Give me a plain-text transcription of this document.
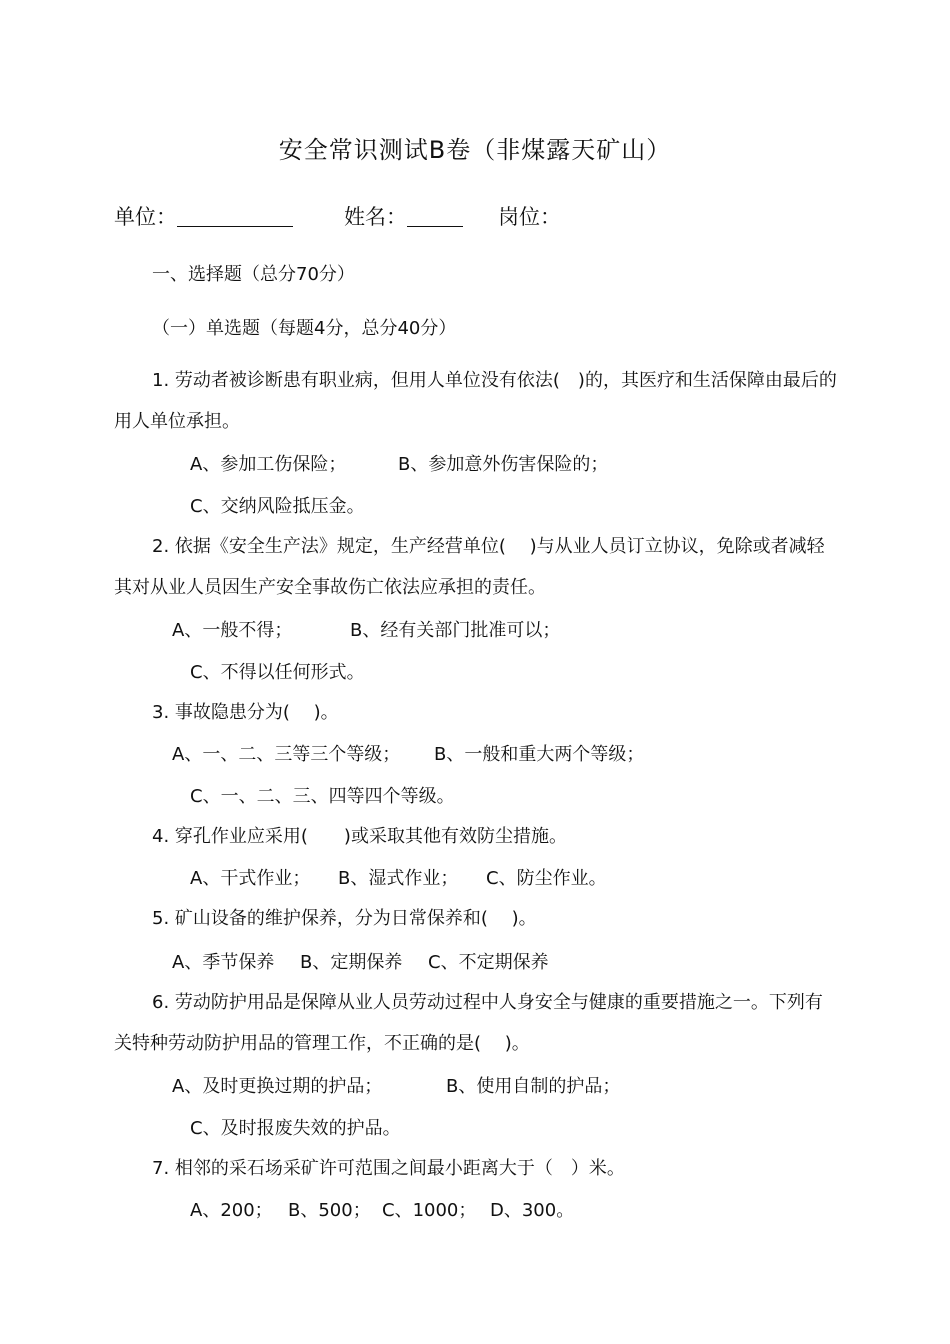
安全常识测试B卷（非煤露天矿山）
单位：	姓名：	岗位：
一、选择题（总分70分）
（一）单选题（每题4分，总分40分）
1. 劳动者被诊断患有职业病，但用人单位没有依法(　)的，其医疗和生活保障由最后的用人单位承担。
A、参加工伤保险；	B、参加意外伤害保险的；
C、交纳风险抵压金。
2. 依据《安全生产法》规定，生产经营单位(　 )与从业人员订立协议，免除或者减轻其对从业人员因生产安全事故伤亡依法应承担的责任。
A、一般不得；	B、经有关部门批准可以；
C、不得以任何形式。
3. 事故隐患分为(　 )。
A、一、二、三等三个等级； B、一般和重大两个等级；
C、一、二、三、四等四个等级。
4. 穿孔作业应采用(　　)或采取其他有效防尘措施。
A、干式作业； B、湿式作业； C、防尘作业。
5. 矿山设备的维护保养，分为日常保养和(　 )。
A、季节保养 B、定期保养 C、不定期保养
6. 劳动防护用品是保障从业人员劳动过程中人身安全与健康的重要措施之一。下列有关特种劳动防护用品的管理工作，不正确的是(　 )。
A、及时更换过期的护品；	B、使用自制的护品；
C、及时报废失效的护品。
7. 相邻的采石场采矿许可范围之间最小距离大于（　）米。
A、200； B、500； C、1000； D、300。
